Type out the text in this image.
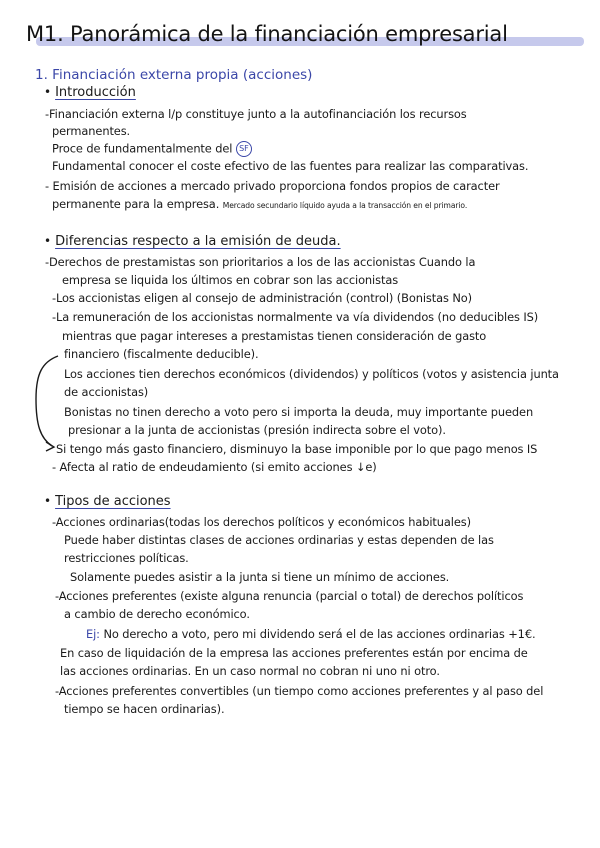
M1. Panorámica de la financiación empresarial
1. Financiación externa propia (acciones)
• Introducción
-Financiación externa l/p constituye junto a la autofinanciación los recursos
permanentes.
Proce de fundamentalmente del SF
Fundamental conocer el coste efectivo de las fuentes para realizar las comparativas.
- Emisión de acciones a mercado privado proporciona fondos propios de caracter
permanente para la empresa. Mercado secundario líquido ayuda a la transacción en el primario.
• Diferencias respecto a la emisión de deuda.
-Derechos de prestamistas son prioritarios a los de las accionistas Cuando la
empresa se liquida los últimos en cobrar son las accionistas
-Los accionistas eligen al consejo de administración (control) (Bonistas No)
-La remuneración de los accionistas normalmente va vía dividendos (no deducibles IS)
mientras que pagar intereses a prestamistas tienen consideración de gasto
financiero (fiscalmente deducible).
Los acciones tien derechos económicos (dividendos) y políticos (votos y asistencia junta
de accionistas)
Bonistas no tinen derecho a voto pero si importa la deuda, muy importante pueden
presionar a la junta de accionistas (presión indirecta sobre el voto).
Si tengo más gasto financiero, disminuyo la base imponible por lo que pago menos IS
- Afecta al ratio de endeudamiento (si emito acciones ↓e)
• Tipos de acciones
-Acciones ordinarias(todas los derechos políticos y económicos habituales)
Puede haber distintas clases de acciones ordinarias y estas dependen de las
restricciones políticas.
Solamente puedes asistir a la junta si tiene un mínimo de acciones.
-Acciones preferentes (existe alguna renuncia (parcial o total) de derechos políticos
a cambio de derecho económico.
Ej: No derecho a voto, pero mi dividendo será el de las acciones ordinarias +1€.
En caso de liquidación de la empresa las acciones preferentes están por encima de
las acciones ordinarias. En un caso normal no cobran ni uno ni otro.
-Acciones preferentes convertibles (un tiempo como acciones preferentes y al paso del
tiempo se hacen ordinarias).
